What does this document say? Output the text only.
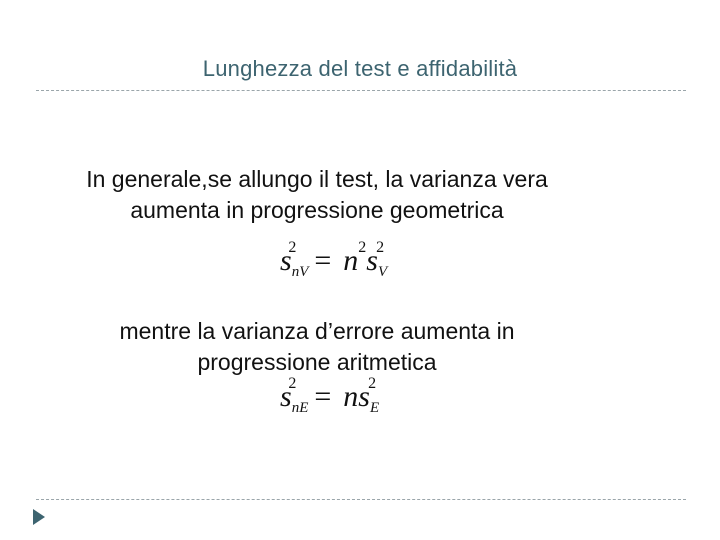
Lunghezza del test e affidabilità
In generale,se allungo il test, la varianza vera
aumenta in progressione geometrica
snV2 = n2sV2
mentre la varianza d’errore aumenta in
progressione aritmetica
snE2 = nsE2
